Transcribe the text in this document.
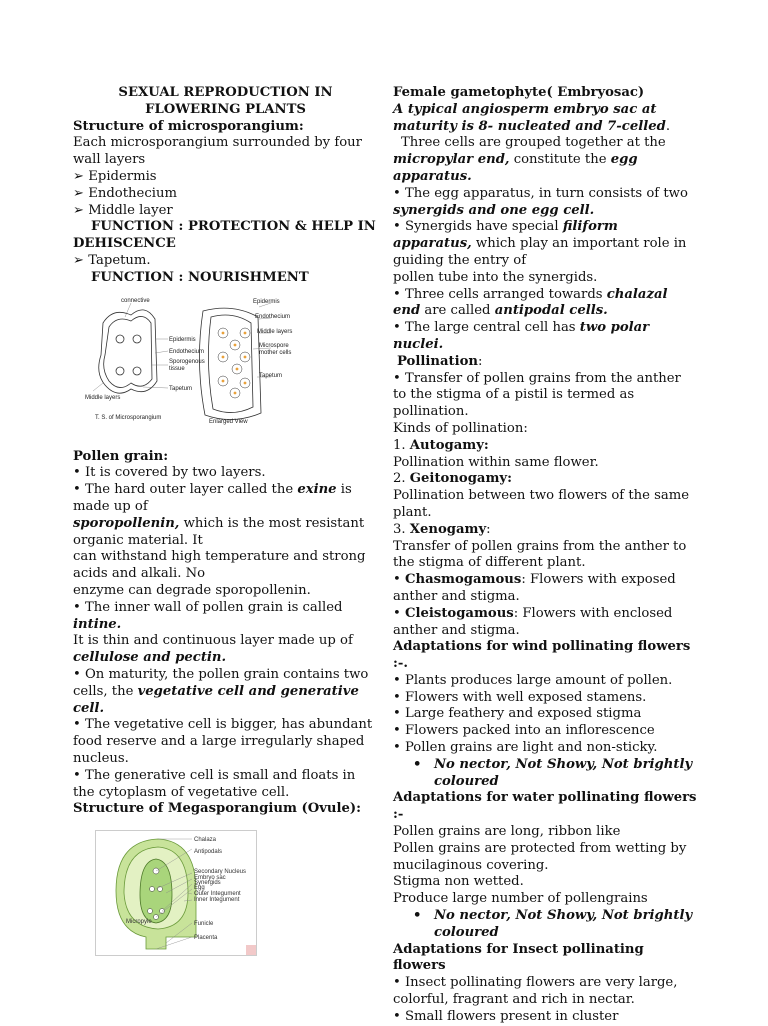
SEXUAL REPRODUCTION IN
FLOWERING PLANTS
Structure of microsporangium:
Each microsporangium surrounded by four wall layers
➢ Epidermis
➢ Endothecium
➢ Middle layer
FUNCTION : PROTECTION & HELP IN DEHISCENCE
➢ Tapetum.
FUNCTION : NOURISHMENT
connective
Epidermis
Endothecium
Sporogenous
tissue
Tapetum
Middle layers
T. S. of Microsporangium
Epidermis
Endothecium
Middle layers
Microspore
mother cells
Tapetum
Enlarged View
Pollen grain:
• It is covered by two layers.
• The hard outer layer called the exine is made up of
sporopollenin, which is the most resistant organic material. It
can withstand high temperature and strong acids and alkali. No
enzyme can degrade sporopollenin.
• The inner wall of pollen grain is called intine.
It is thin and continuous layer made up of
cellulose and pectin.
• On maturity, the pollen grain contains two cells, the vegetative cell and generative cell.
• The vegetative cell is bigger, has abundant food reserve and a large irregularly shaped nucleus.
• The generative cell is small and floats in the cytoplasm of vegetative cell.
Structure of Megasporangium (Ovule):
Chalaza
Antipodals
Secondary Nucleus
Embryo sac
Synergids
Egg
Outer Integument
Inner Integument
Micropyle	Funicle
Placenta
Female gametophyte( Embryosac)
A typical angiosperm embryo sac at maturity is 8- nucleated and 7-celled.
Three cells are grouped together at the micropylar end, constitute the egg apparatus.
• The egg apparatus, in turn consists of two synergids and one egg cell.
• Synergids have special filiform apparatus, which play an important role in guiding the entry of
pollen tube into the synergids.
• Three cells arranged towards chalazal end are called antipodal cells.
• The large central cell has two polar nuclei.
Pollination:
• Transfer of pollen grains from the anther to the stigma of a pistil is termed as pollination.
Kinds of pollination:
1. Autogamy:
Pollination within same flower.
2. Geitonogamy:
Pollination between two flowers of the same plant.
3. Xenogamy:
Transfer of pollen grains from the anther to the stigma of different plant.
• Chasmogamous: Flowers with exposed anther and stigma.
• Cleistogamous: Flowers with enclosed anther and stigma.
Adaptations for wind pollinating flowers :-.
• Plants produces large amount of pollen.
• Flowers with well exposed stamens.
• Large feathery and exposed stigma
• Flowers packed into an inflorescence
• Pollen grains are light and non-sticky.
• No nector, Not Showy, Not brightly coloured
Adaptations for water pollinating flowers :-
Pollen grains are long, ribbon like
Pollen grains are protected from wetting by mucilaginous covering.
Stigma non wetted.
Produce large number of pollengrains
• No nector, Not Showy, Not brightly coloured
Adaptations for Insect pollinating flowers
• Insect pollinating flowers are very large, colorful, fragrant and rich in nectar.
• Small flowers present in cluster
